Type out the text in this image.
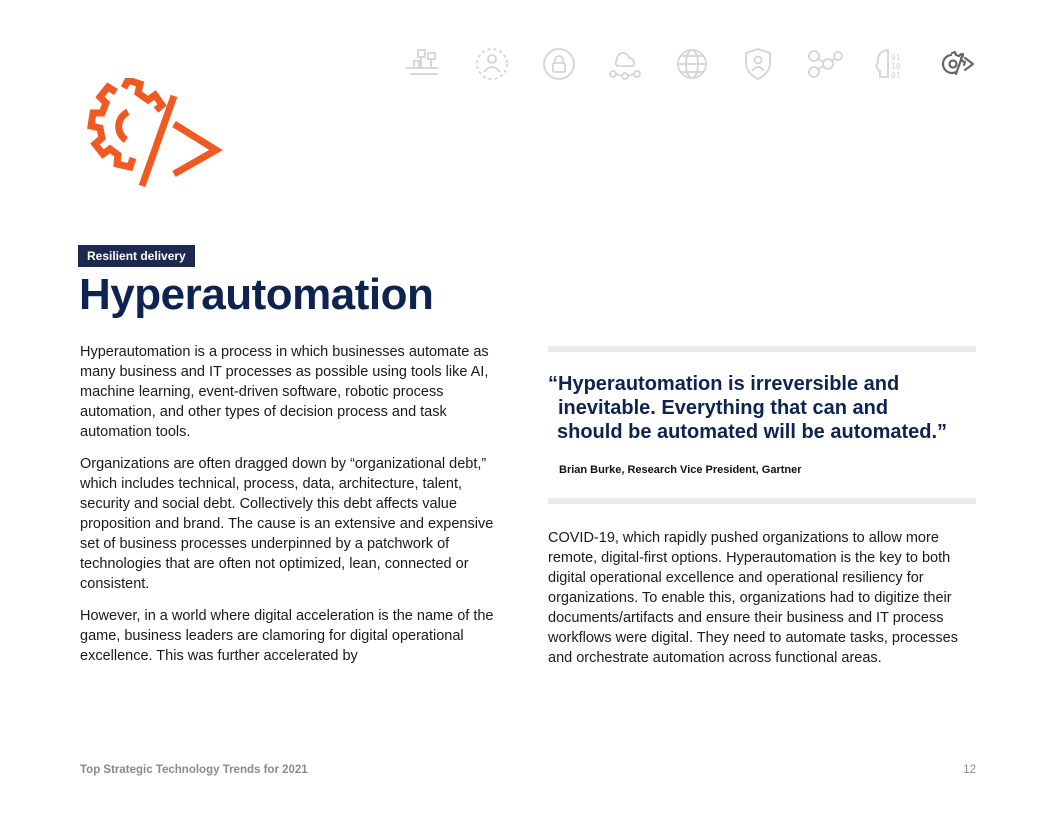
01
10
01
Resilient delivery
Hyperautomation

Hyperautomation is a process in which businesses automate as many business and IT processes as possible using tools like AI, machine learning, event-driven software, robotic process automation, and other types of decision process and task automation tools.

Organizations are often dragged down by “organizational debt,” which includes technical, process, data, architecture, talent, security and social debt. Collectively this debt affects value proposition and brand. The cause is an extensive and expensive set of business processes underpinned by a patchwork of technologies that are often not optimized, lean, connected or consistent.

However, in a world where digital acceleration is the name of the game, business leaders are clamoring for digital operational excellence. This was further accelerated by

“Hyperautomation is irreversible and
inevitable. Everything that can and
should be automated will be automated.”

Brian Burke, Research Vice President, Gartner

COVID-19, which rapidly pushed organizations to allow more remote, digital-first options. Hyperautomation is the key to both digital operational excellence and operational resiliency for organizations. To enable this, organizations had to digitize their documents/artifacts and ensure their business and IT process workflows were digital. They need to automate tasks, processes and orchestrate automation across functional areas.

Top Strategic Technology Trends for 2021	12
